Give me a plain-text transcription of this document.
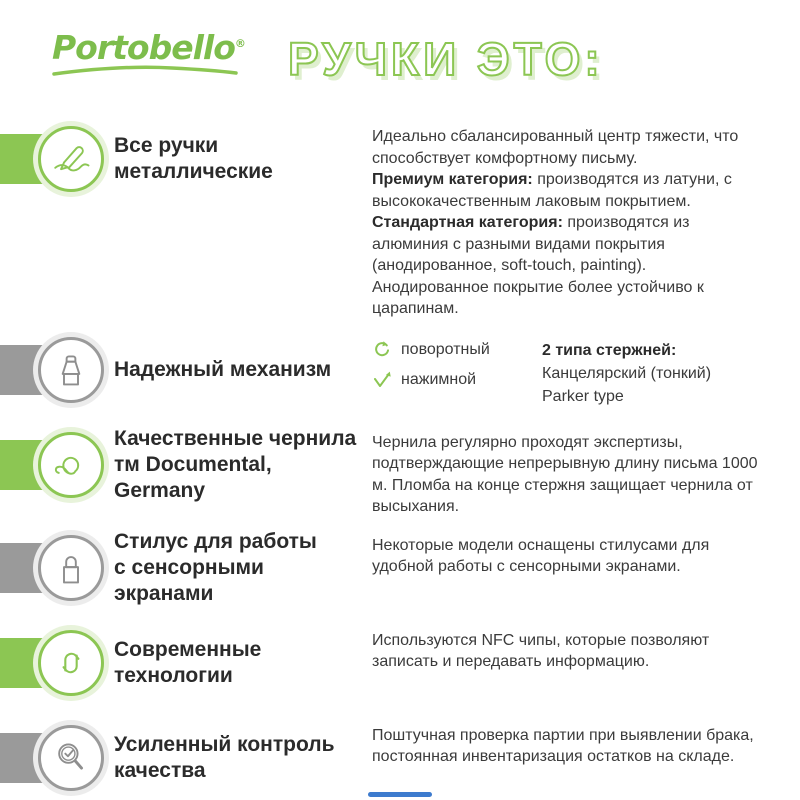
Portobello® РУЧКИ ЭТО:
Все ручки
металлические
Идеально сбалансированный центр тяжести, что способствует комфортному письму.
Премиум категория: производятся из латуни, с высококачественным лаковым покрытием.
Стандартная категория: производятся из алюминия с разными видами покрытия (анодированное, soft-touch, painting). Анодированное покрытие более устойчиво к царапинам.
Надежный механизм
поворотный
нажимной
2 типа стержней:
Канцелярский (тонкий)
Parker type
Качественные чернила
тм Documental, Germany
Чернила регулярно проходят экспертизы, подтверждающие непрерывную длину письма 1000 м. Пломба на конце стержня защищает чернила от высыхания.
Стилус для работы
с сенсорными экранами
Некоторые модели оснащены стилусами для удобной работы с сенсорными экранами.
Современные
технологии
Используются NFC чипы, которые позволяют записать и передавать информацию.
Усиленный контроль
качества
Поштучная проверка партии при выявлении брака, постоянная инвентаризация остатков на складе.
